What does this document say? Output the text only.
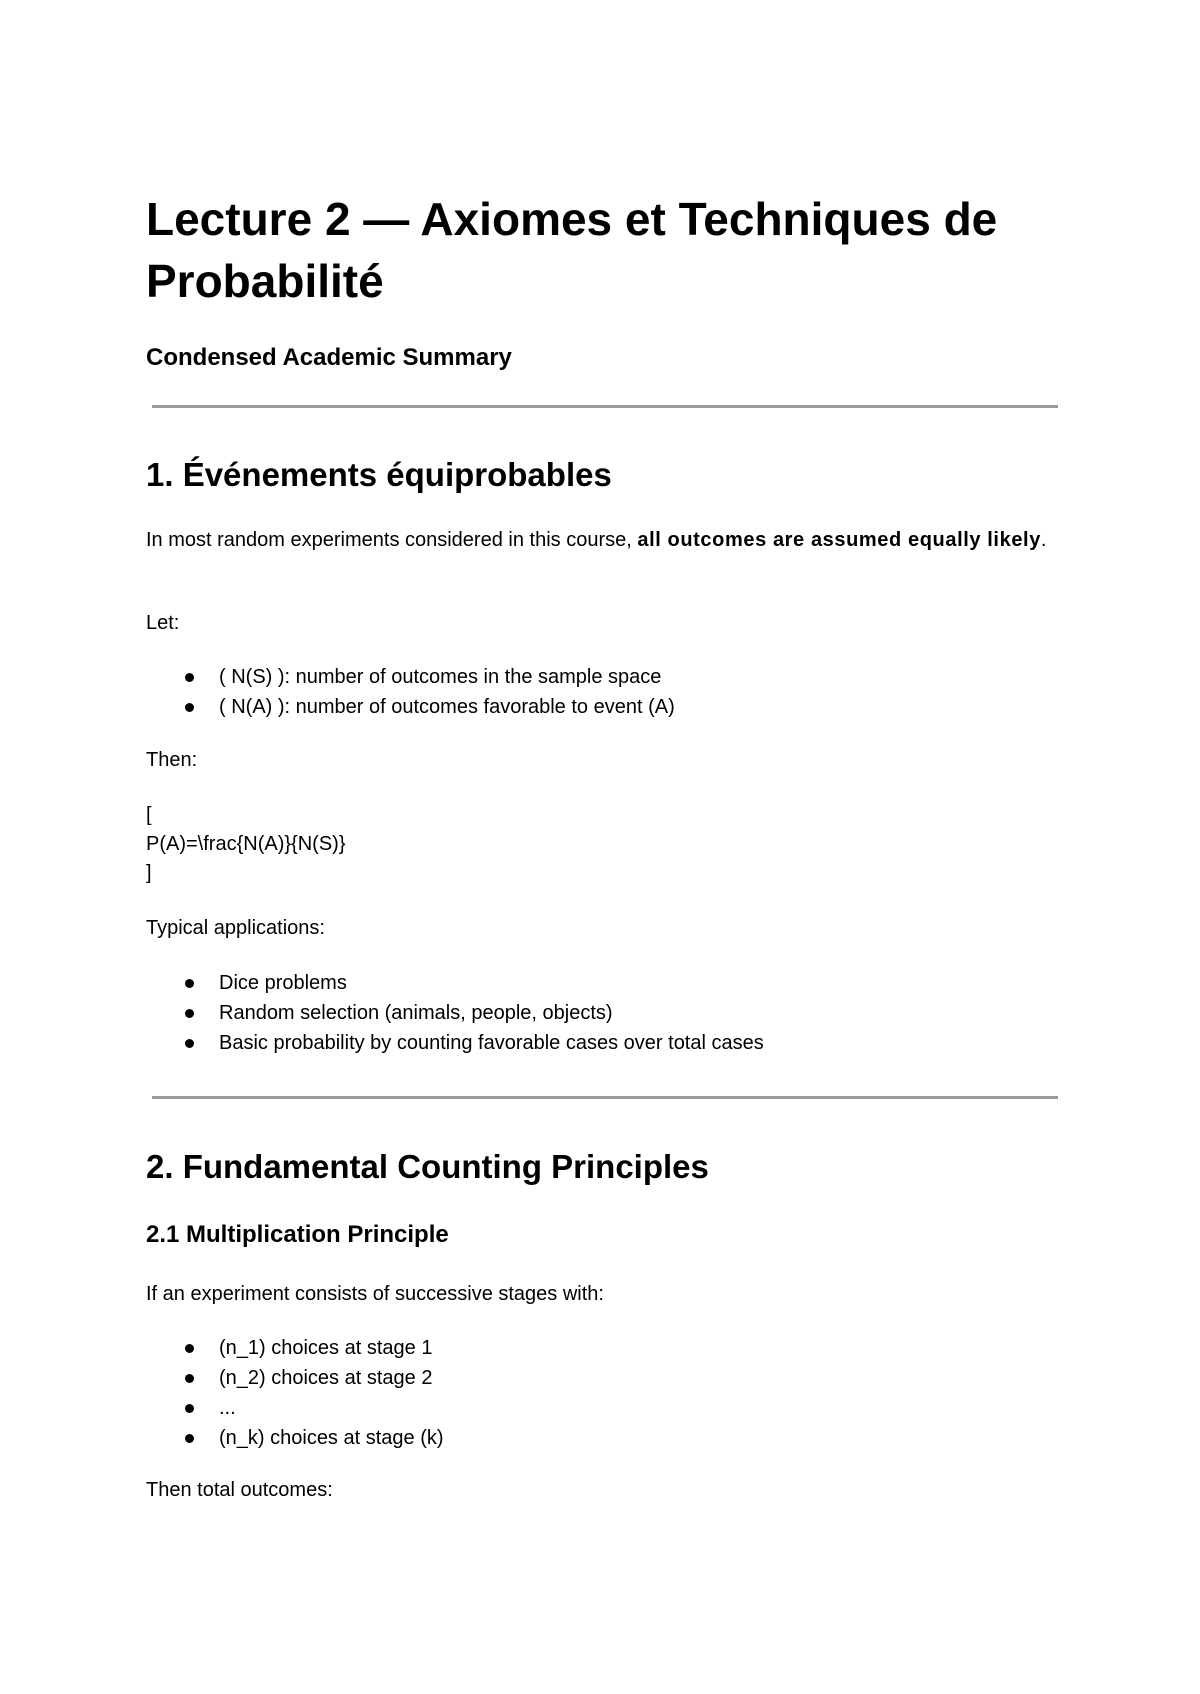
Lecture 2 — Axiomes et Techniques de Probabilité

Condensed Academic Summary

1. Événements équiprobables

In most random experiments considered in this course, all outcomes are assumed equally likely.

Let:

( N(S) ): number of outcomes in the sample space
( N(A) ): number of outcomes favorable to event (A)

Then:

[

P(A)=\frac{N(A)}{N(S)}

]

Typical applications:

Dice problems
Random selection (animals, people, objects)
Basic probability by counting favorable cases over total cases
2. Fundamental Counting Principles
2.1 Multiplication Principle

If an experiment consists of successive stages with:

(n_1) choices at stage 1
(n_2) choices at stage 2
...
(n_k) choices at stage (k)

Then total outcomes:
